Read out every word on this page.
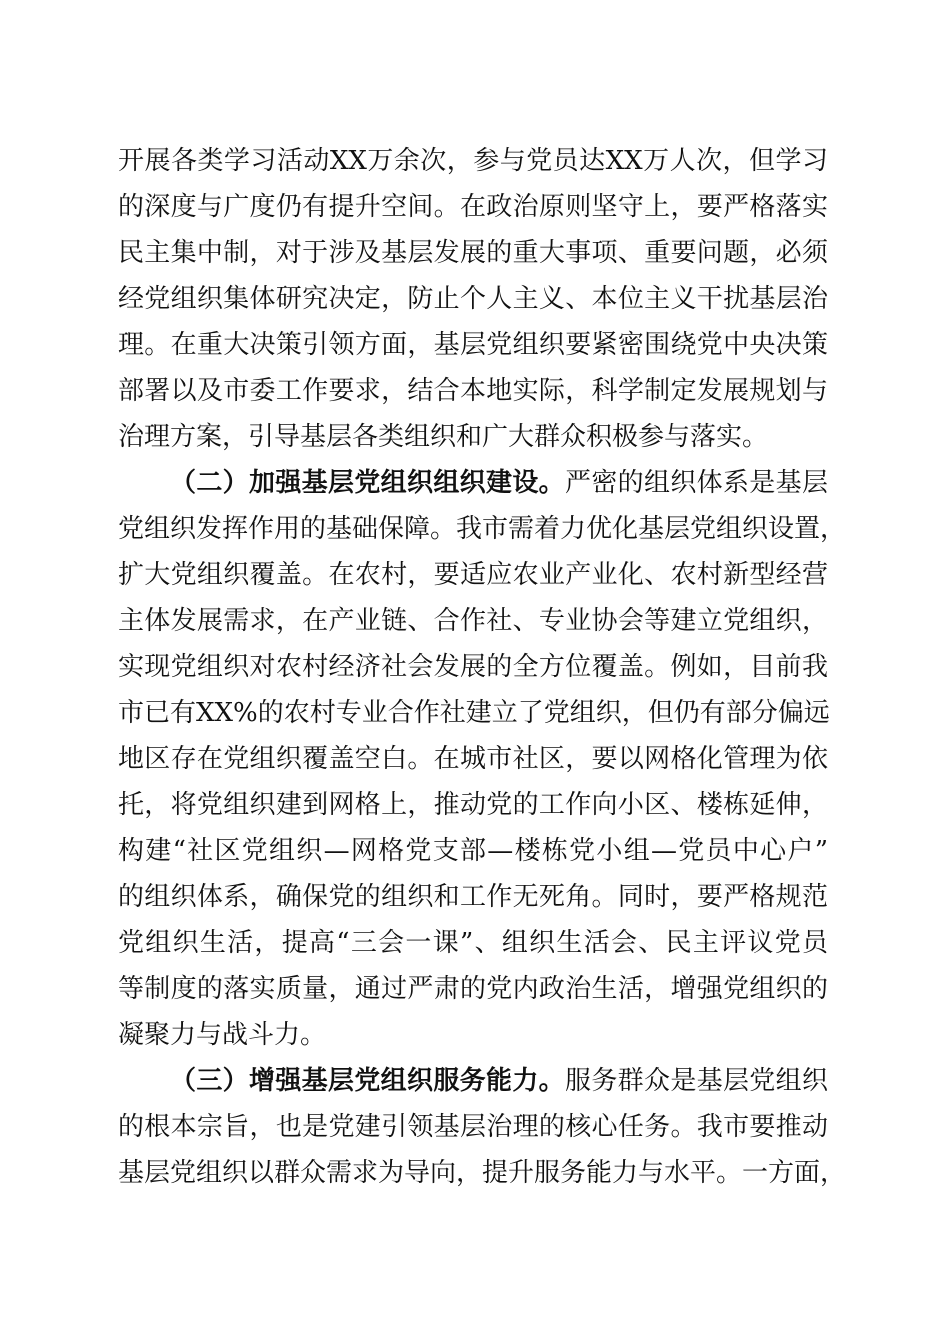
开展各类学习活动XX万余次，参与党员达XX万人次，但学习
的深度与广度仍有提升空间。在政治原则坚守上，要严格落实
民主集中制，对于涉及基层发展的重大事项、重要问题，必须
经党组织集体研究决定，防止个人主义、本位主义干扰基层治
理。在重大决策引领方面，基层党组织要紧密围绕党中央决策
部署以及市委工作要求，结合本地实际，科学制定发展规划与
治理方案，引导基层各类组织和广大群众积极参与落实。
（二）加强基层党组织组织建设。严密的组织体系是基层
党组织发挥作用的基础保障。我市需着力优化基层党组织设置，
扩大党组织覆盖。在农村，要适应农业产业化、农村新型经营
主体发展需求，在产业链、合作社、专业协会等建立党组织，
实现党组织对农村经济社会发展的全方位覆盖。例如，目前我
市已有XX%的农村专业合作社建立了党组织，但仍有部分偏远
地区存在党组织覆盖空白。在城市社区，要以网格化管理为依
托，将党组织建到网格上，推动党的工作向小区、楼栋延伸，
构建“社区党组织—网格党支部—楼栋党小组—党员中心户”
的组织体系，确保党的组织和工作无死角。同时，要严格规范
党组织生活，提高“三会一课”、组织生活会、民主评议党员
等制度的落实质量，通过严肃的党内政治生活，增强党组织的
凝聚力与战斗力。
（三）增强基层党组织服务能力。服务群众是基层党组织
的根本宗旨，也是党建引领基层治理的核心任务。我市要推动
基层党组织以群众需求为导向，提升服务能力与水平。一方面，
